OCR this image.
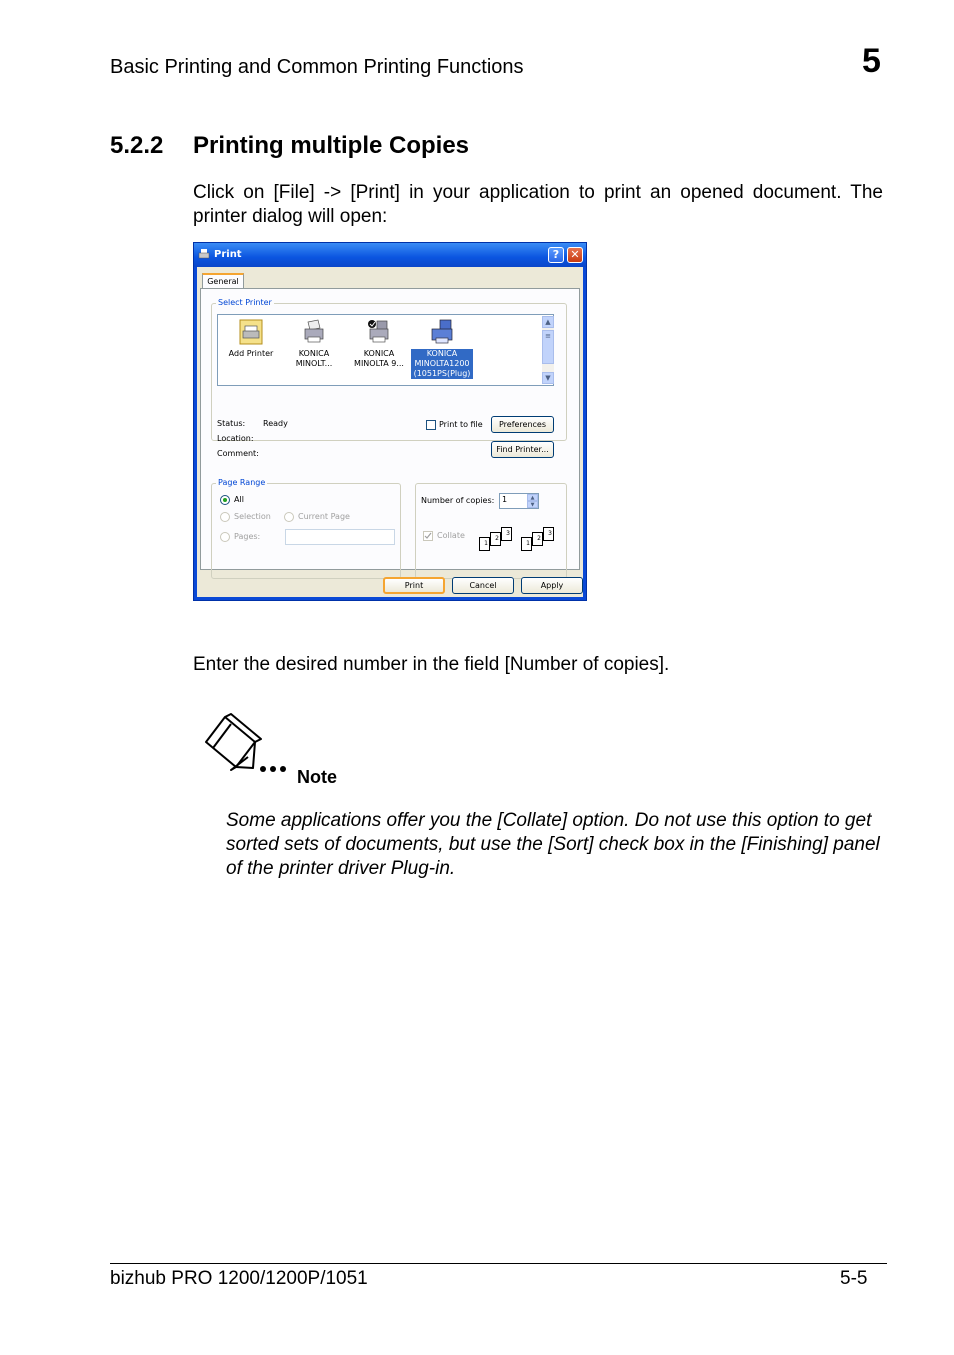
Basic Printing and Common Printing Functions	5
5.2.2 Printing multiple Copies
Click on [File] -> [Print] in your application to print an opened document. The printer dialog will open:
Print	?	✕
Select Printer
Add Printer	KONICA
MINOLT...
KONICA
MINOLTA 9...
KONICA
MINOLTA1200
(1051PS(Plug)
▲
≡
▼
Status: Ready
Location:
Comment:
Print to file	Preferences
Find Printer...
Page Range
All
Selection	Current Page
Pages:
Number of copies: 1	▲
▼
Collate	3
2
1
3
2
1
General
Print	Cancel	Apply
Enter the desired number in the field [Number of copies].
Note
Some applications offer you the [Collate] option. Do not use this option to get sorted sets of documents, but use the [Sort] check box in the [Finishing] panel of the printer driver Plug-in.
bizhub PRO 1200/1200P/1051	5-5
